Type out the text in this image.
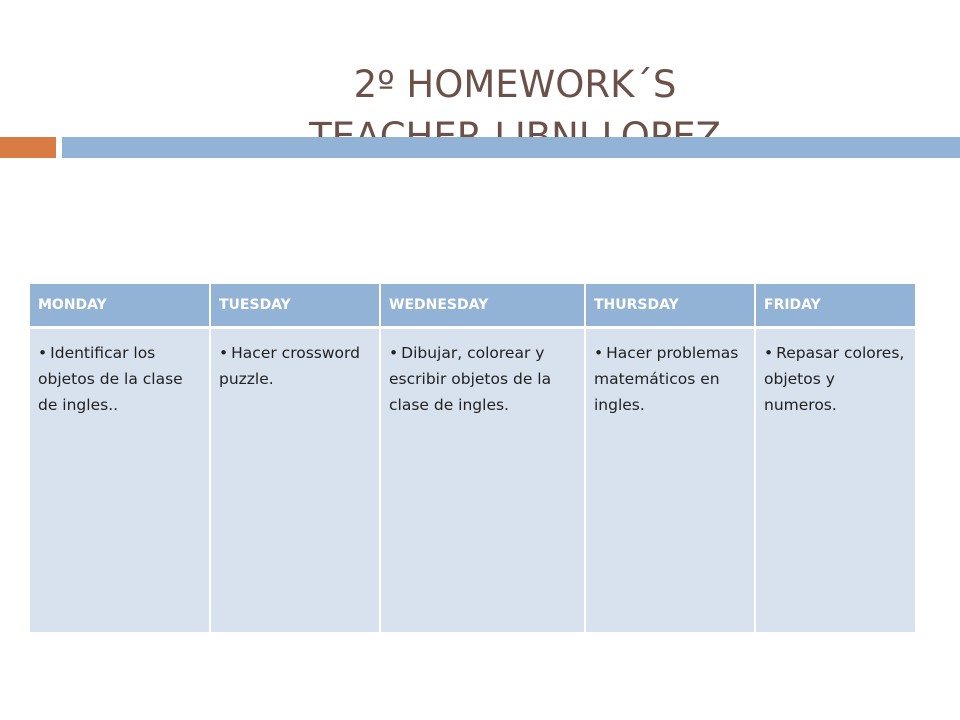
2º HOMEWORK´S
MONDAY	TUESDAY	WEDNESDAY	THURSDAY	FRIDAY
• Identificar los objetos de la clase de ingles..	• Hacer crossword puzzle.	• Dibujar, colorear y escribir objetos de la clase de ingles.	• Hacer problemas matemáticos en ingles.	• Repasar colores, objetos y numeros.
